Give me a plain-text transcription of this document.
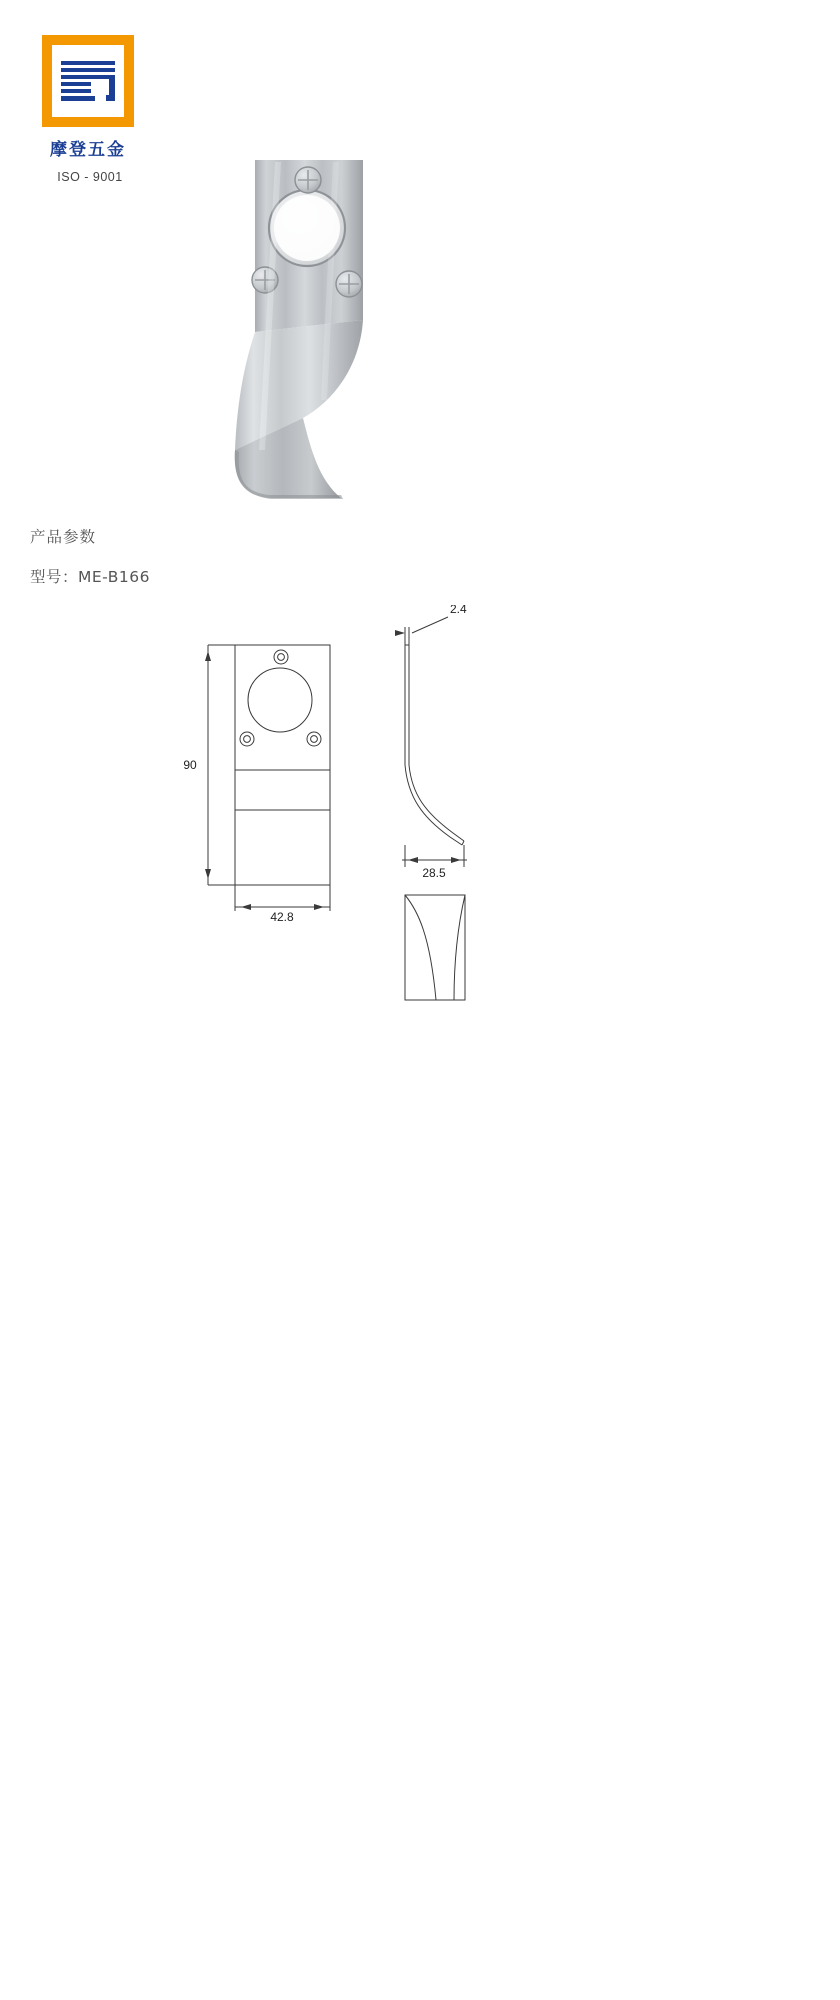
摩登五金
ISO - 9001
产品参数
型号：ME-B166
90
42.8
2.4
28.5
